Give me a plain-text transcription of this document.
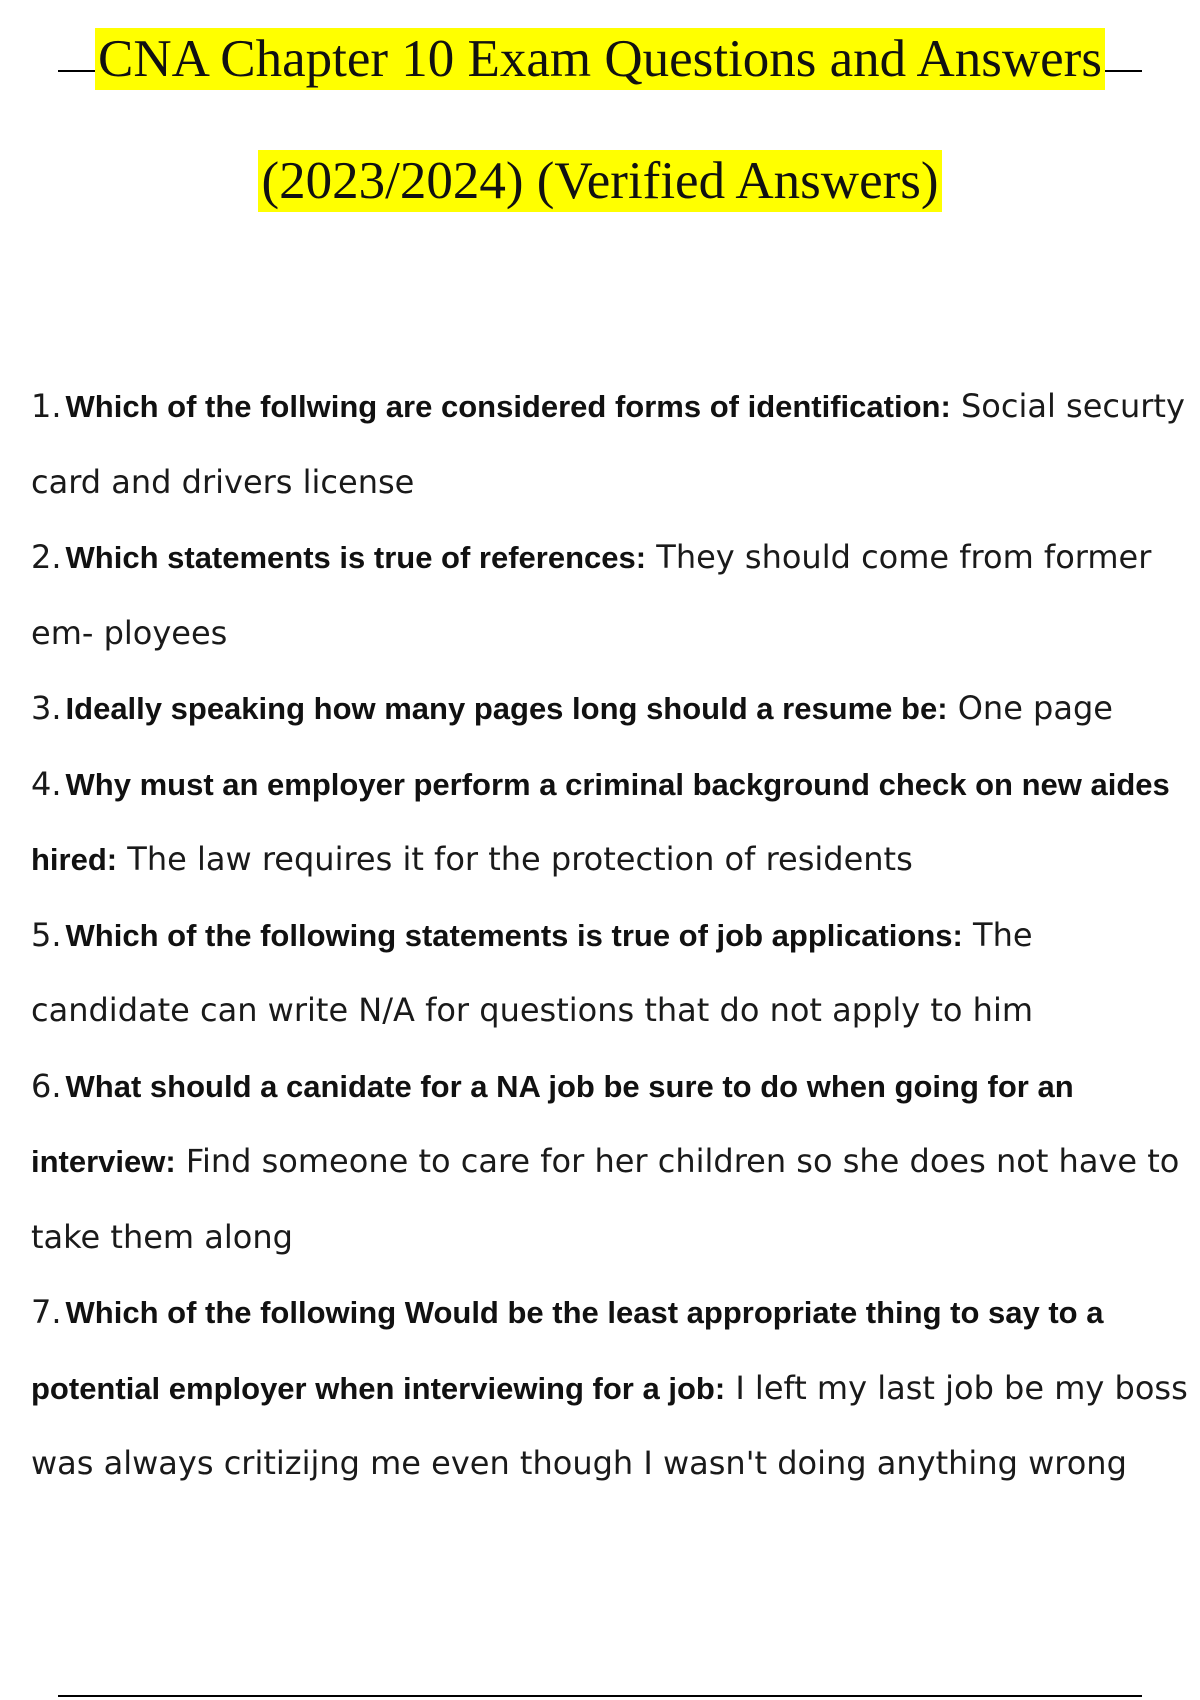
CNA Chapter 10 Exam Questions and Answers
(2023/2024) (Verified Answers)
1. Which of the follwing are considered forms of identification: Social securty card and drivers license
2. Which statements is true of references: They should come from former em- ployees
3. Ideally speaking how many pages long should a resume be: One page
4. Why must an employer perform a criminal background check on new aides hired: The law requires it for the protection of residents
5. Which of the following statements is true of job applications: The candidate can write N/A for questions that do not apply to him
6. What should a canidate for a NA job be sure to do when going for an interview: Find someone to care for her children so she does not have to take them along
7. Which of the following Would be the least appropriate thing to say to a potential employer when interviewing for a job: I left my last job be my boss was always critizijng me even though I wasn't doing anything wrong
